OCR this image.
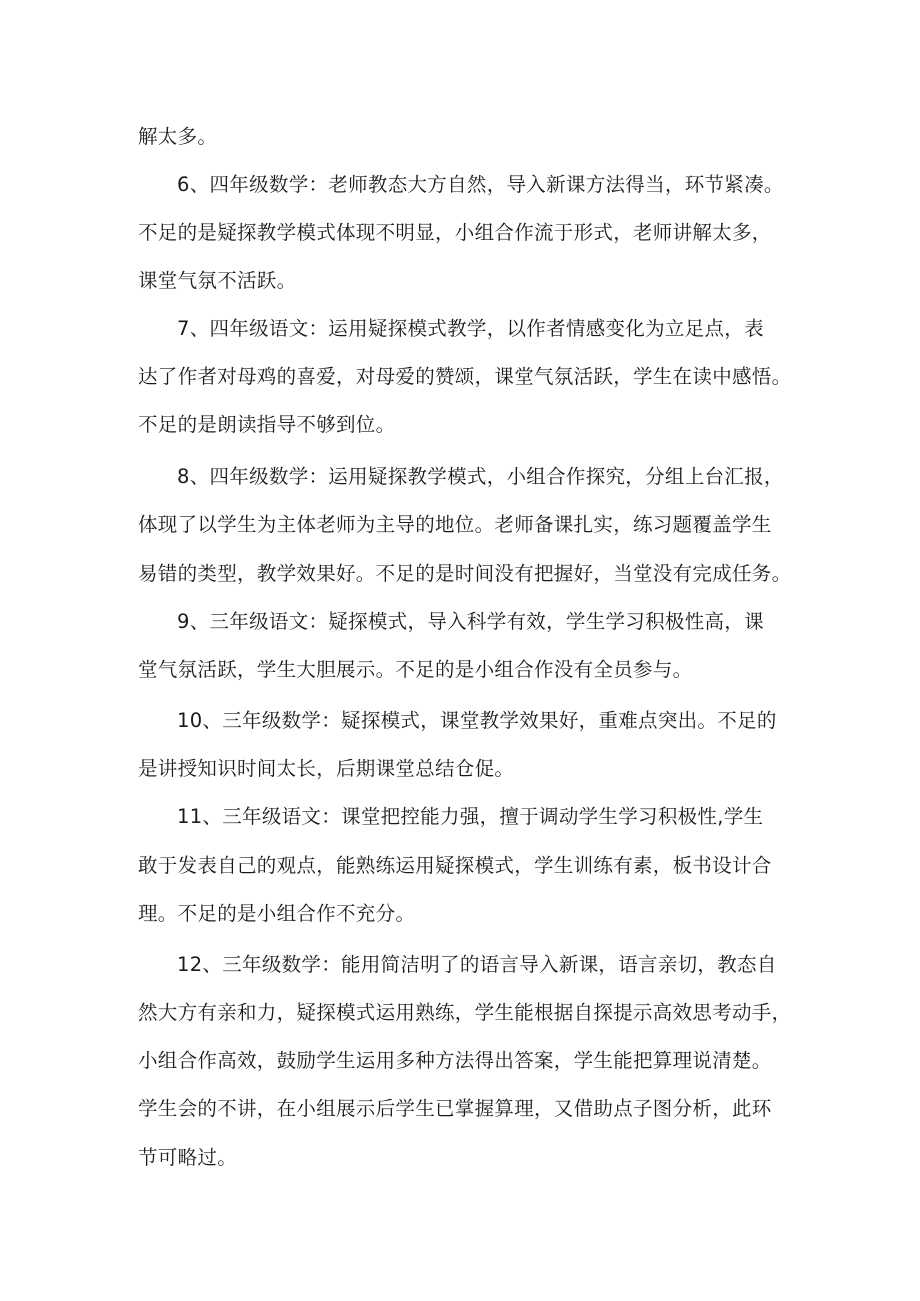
解太多。

6、四年级数学：老师教态大方自然，导入新课方法得当，环节紧凑。

不足的是疑探教学模式体现不明显，小组合作流于形式，老师讲解太多，

课堂气氛不活跃。

7、四年级语文：运用疑探模式教学，以作者情感变化为立足点，表

达了作者对母鸡的喜爱，对母爱的赞颂，课堂气氛活跃，学生在读中感悟。

不足的是朗读指导不够到位。

8、四年级数学：运用疑探教学模式，小组合作探究，分组上台汇报，

体现了以学生为主体老师为主导的地位。老师备课扎实，练习题覆盖学生

易错的类型，教学效果好。不足的是时间没有把握好，当堂没有完成任务。

9、三年级语文：疑探模式，导入科学有效，学生学习积极性高，课

堂气氛活跃，学生大胆展示。不足的是小组合作没有全员参与。

10、三年级数学：疑探模式，课堂教学效果好，重难点突出。不足的

是讲授知识时间太长，后期课堂总结仓促。

11、三年级语文：课堂把控能力强，擅于调动学生学习积极性,学生

敢于发表自己的观点，能熟练运用疑探模式，学生训练有素，板书设计合

理。不足的是小组合作不充分。

12、三年级数学：能用简洁明了的语言导入新课，语言亲切，教态自

然大方有亲和力，疑探模式运用熟练，学生能根据自探提示高效思考动手，

小组合作高效，鼓励学生运用多种方法得出答案，学生能把算理说清楚。

学生会的不讲，在小组展示后学生已掌握算理，又借助点子图分析，此环

节可略过。
